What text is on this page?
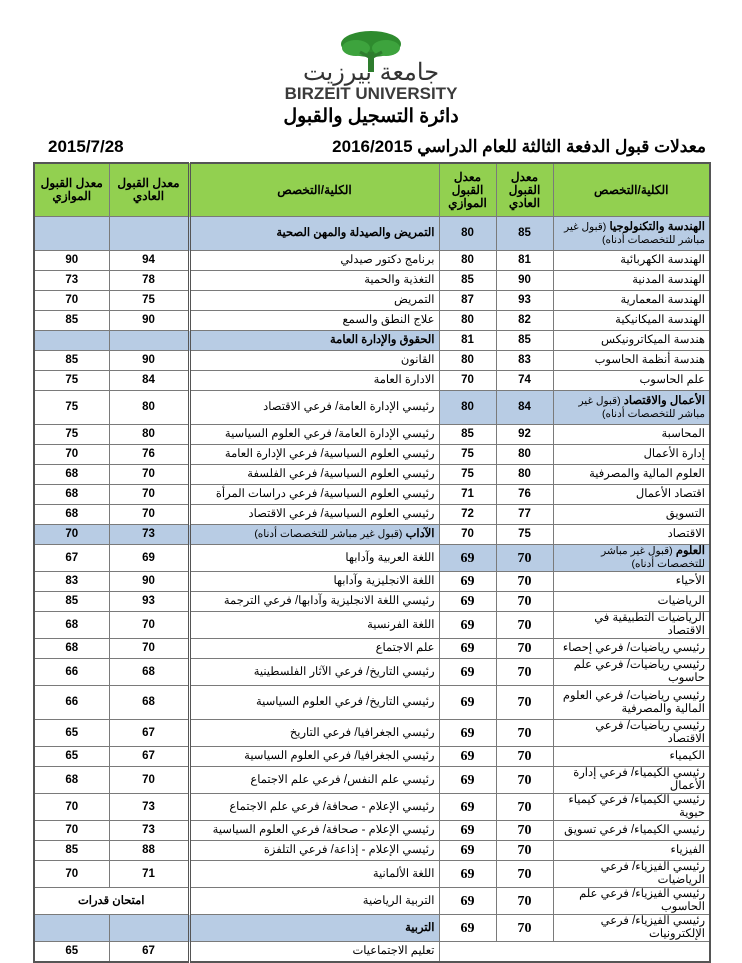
جامعة بيرزيت
BIRZEIT UNIVERSITY
دائرة التسجيل والقبول
معدلات قبول الدفعة الثالثة للعام الدراسي 2016/2015
2015/7/28
الكلية/التخصص	معدل القبول العادي	معدل القبول الموازي	الكلية/التخصص	معدل القبول العادي	معدل القبول الموازي
الهندسة والتكنولوجيا (قبول غير مباشر للتخصصات أدناه)	85	80	التمريض والصيدلة والمهن الصحية		
الهندسة الكهربائية	81	80	برنامج دكتور صيدلي	94	90
الهندسة المدنية	90	85	التغذية والحمية	78	73
الهندسة المعمارية	93	87	التمريض	75	70
الهندسة الميكانيكية	82	80	علاج النطق والسمع	90	85
هندسة الميكاترونيكس	85	81	الحقوق والإدارة العامة		
هندسة أنظمة الحاسوب	83	80	القانون	90	85
علم الحاسوب	74	70	الادارة العامة	84	75
الأعمال والاقتصاد (قبول غير مباشر للتخصصات أدناه)	84	80	رئيسي الإدارة العامة/ فرعي الاقتصاد	80	75
المحاسبة	92	85	رئيسي الإدارة العامة/ فرعي العلوم السياسية	80	75
إدارة الأعمال	80	75	رئيسي العلوم السياسية/ فرعي الإدارة العامة	76	70
العلوم المالية والمصرفية	80	75	رئيسي العلوم السياسية/ فرعي الفلسفة	70	68
اقتصاد الأعمال	76	71	رئيسي العلوم السياسية/ فرعي دراسات المرأة	70	68
التسويق	77	72	رئيسي العلوم السياسية/ فرعي الاقتصاد	70	68
الاقتصاد	75	70	الآداب (قبول غير مباشر للتخصصات أدناه)	73	70
العلوم (قبول غير مباشر للتخصصات أدناه)	70	69	اللغة العربية وآدابها	69	67
الأحياء	70	69	اللغة الانجليزية وآدابها	90	83
الرياضيات	70	69	رئيسي اللغة الانجليزية وآدابها/ فرعي الترجمة	93	85
الرياضيات التطبيقية في الاقتصاد	70	69	اللغة الفرنسية	70	68
رئيسي رياضيات/ فرعي إحصاء	70	69	علم الاجتماع	70	68
رئيسي رياضيات/ فرعي علم حاسوب	70	69	رئيسي التاريخ/ فرعي الآثار الفلسطينية	68	66
رئيسي رياضيات/ فرعي العلوم المالية والمصرفية	70	69	رئيسي التاريخ/ فرعي العلوم السياسية	68	66
رئيسي رياضيات/ فرعي الاقتصاد	70	69	رئيسي الجغرافيا/ فرعي التاريخ	67	65
الكيمياء	70	69	رئيسي الجغرافيا/ فرعي العلوم السياسية	67	65
رئيسي الكيمياء/ فرعي إدارة الأعمال	70	69	رئيسي علم النفس/ فرعي علم الاجتماع	70	68
رئيسي الكيمياء/ فرعي كيمياء حيوية	70	69	رئيسي الإعلام - صحافة/ فرعي علم الاجتماع	73	70
رئيسي الكيمياء/ فرعي تسويق	70	69	رئيسي الإعلام - صحافة/ فرعي العلوم السياسية	73	70
الفيزياء	70	69	رئيسي الإعلام - إذاعة/ فرعي التلفزة	88	85
رئيسي الفيزياء/ فرعي الرياضيات	70	69	اللغة الألمانية	71	70
رئيسي الفيزياء/ فرعي علم الحاسوب	70	69	التربية الرياضية	امتحان قدرات	
رئيسي الفيزياء/ فرعي الإلكترونيات	70	69	التربية		
			تعليم الاجتماعيات	67	65
